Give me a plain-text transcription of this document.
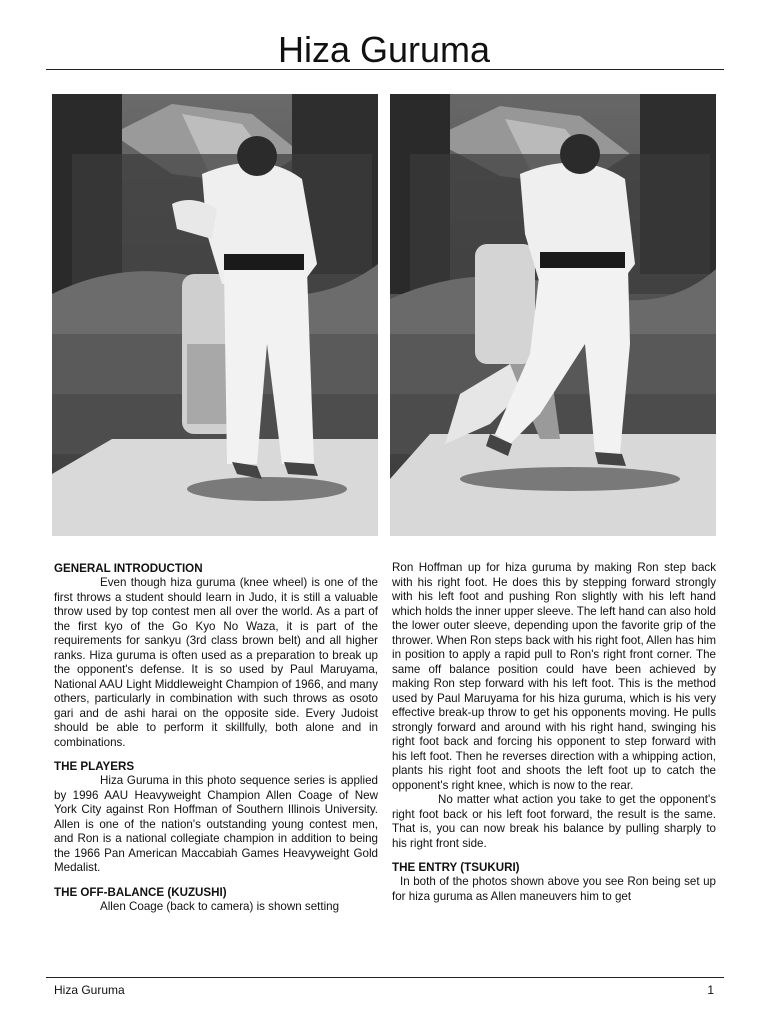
Hiza Guruma
GENERAL INTRODUCTION

Even though hiza guruma (knee wheel) is one of the first throws a student should learn in Judo, it is still a valuable throw used by top contest men all over the world. As a part of the first kyo of the Go Kyo No Waza, it is part of the requirements for sankyu (3rd class brown belt) and all higher ranks. Hiza guruma is often used as a preparation to break up the opponent's defense. It is so used by Paul Maruyama, National AAU Light Middleweight Champion of 1966, and many others, particularly in combination with such throws as osoto gari and de ashi harai on the opposite side. Every Judoist should be able to perform it skillfully, both alone and in combinations.

THE PLAYERS

Hiza Guruma in this photo sequence series is applied by 1996 AAU Heavyweight Champion Allen Coage of New York City against Ron Hoffman of Southern Illinois University. Allen is one of the nation's outstanding young contest men, and Ron is a national collegiate champion in addition to being the 1966 Pan American Maccabiah Games Heavyweight Gold Medalist.

THE OFF-BALANCE (KUZUSHI)

Allen Coage (back to camera) is shown setting

Ron Hoffman up for hiza guruma by making Ron step back with his right foot. He does this by stepping forward strongly with his left foot and pushing Ron slightly with his left hand which holds the inner upper sleeve. The left hand can also hold the lower outer sleeve, depending upon the favorite grip of the thrower. When Ron steps back with his right foot, Allen has him in position to apply a rapid pull to Ron's right front corner. The same off balance position could have been achieved by making Ron step forward with his left foot. This is the method used by Paul Maruyama for his hiza guruma, which is his very effective break-up throw to get his opponents moving. He pulls strongly forward and around with his right hand, swinging his right foot back and forcing his opponent to step forward with his left foot. Then he reverses direction with a whipping action, plants his right foot and shoots the left foot up to catch the opponent's right knee, which is now to the rear.

No matter what action you take to get the opponent's right foot back or his left foot forward, the result is the same. That is, you can now break his balance by pulling sharply to his right front side.

THE ENTRY (TSUKURI)

In both of the photos shown above you see Ron being set up for hiza guruma as Allen maneuvers him to get

Hiza Guruma	1
